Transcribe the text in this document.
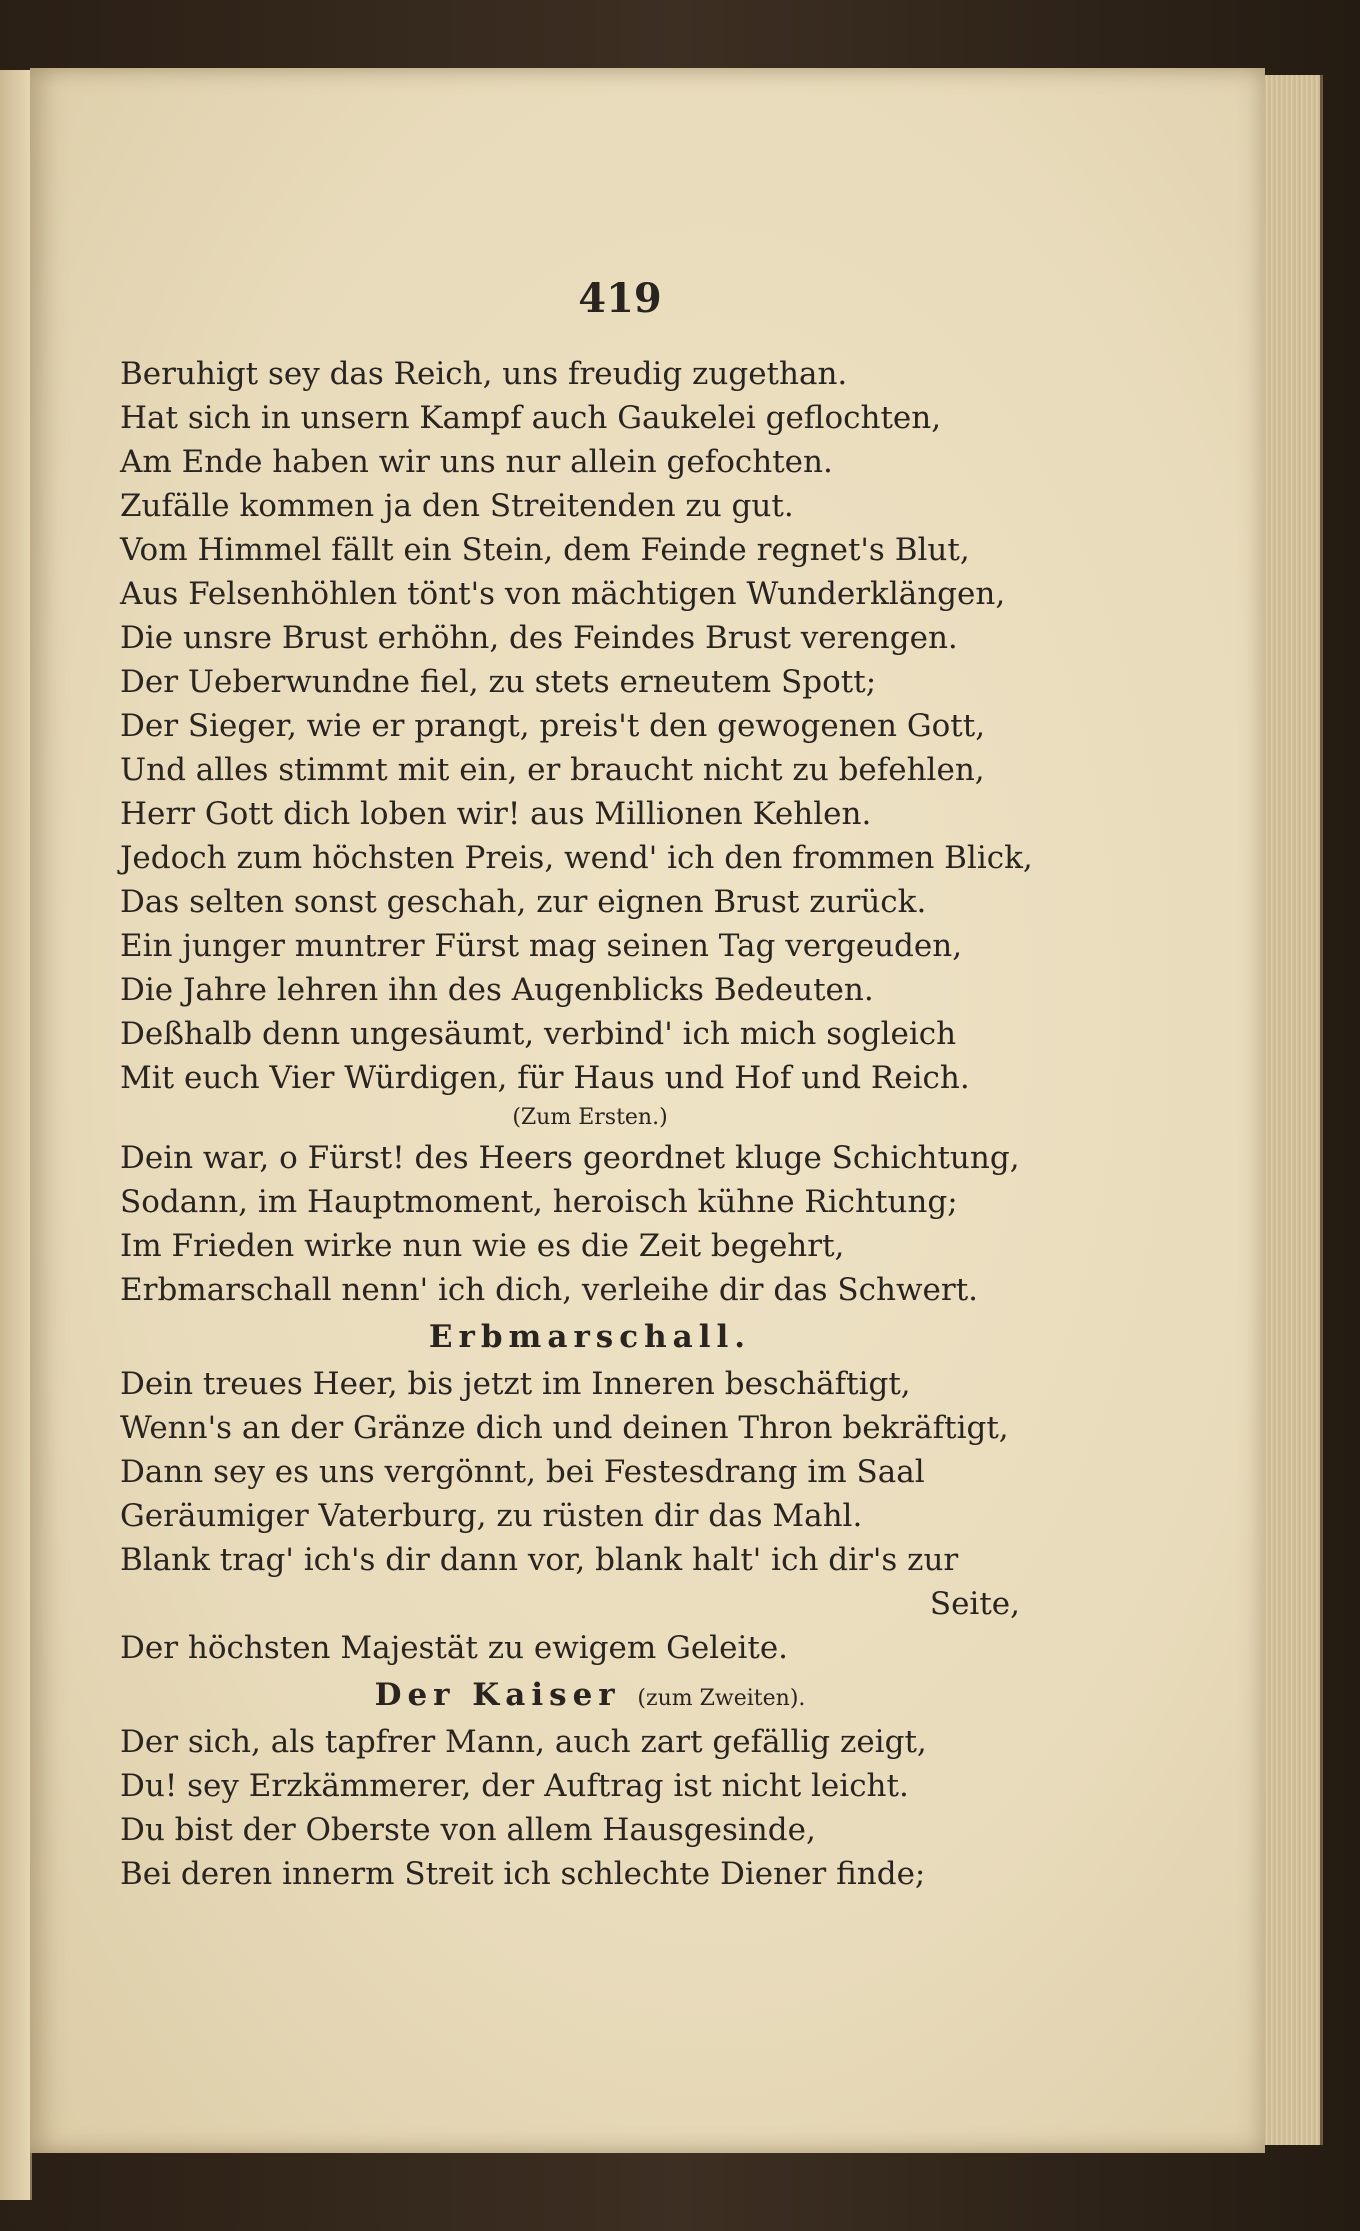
419
Beruhigt sey das Reich, uns freudig zugethan.
Hat sich in unsern Kampf auch Gaukelei geflochten,
Am Ende haben wir uns nur allein gefochten.
Zufälle kommen ja den Streitenden zu gut.
Vom Himmel fällt ein Stein, dem Feinde regnet's Blut,
Aus Felsenhöhlen tönt's von mächtigen Wunderklängen,
Die unsre Brust erhöhn, des Feindes Brust verengen.
Der Ueberwundne fiel, zu stets erneutem Spott;
Der Sieger, wie er prangt, preis't den gewogenen Gott,
Und alles stimmt mit ein, er braucht nicht zu befehlen,
Herr Gott dich loben wir! aus Millionen Kehlen.
Jedoch zum höchsten Preis, wend' ich den frommen Blick,
Das selten sonst geschah, zur eignen Brust zurück.
Ein junger muntrer Fürst mag seinen Tag vergeuden,
Die Jahre lehren ihn des Augenblicks Bedeuten.
Deßhalb denn ungesäumt, verbind' ich mich sogleich
Mit euch Vier Würdigen, für Haus und Hof und Reich.
(Zum Ersten.)
Dein war, o Fürst! des Heers geordnet kluge Schichtung,
Sodann, im Hauptmoment, heroisch kühne Richtung;
Im Frieden wirke nun wie es die Zeit begehrt,
Erbmarschall nenn' ich dich, verleihe dir das Schwert.
Erbmarschall.
Dein treues Heer, bis jetzt im Inneren beschäftigt,
Wenn's an der Gränze dich und deinen Thron bekräftigt,
Dann sey es uns vergönnt, bei Festesdrang im Saal
Geräumiger Vaterburg, zu rüsten dir das Mahl.
Blank trag' ich's dir dann vor, blank halt' ich dir's zur
Seite,
Der höchsten Majestät zu ewigem Geleite.
Der Kaiser (zum Zweiten).
Der sich, als tapfrer Mann, auch zart gefällig zeigt,
Du! sey Erzkämmerer, der Auftrag ist nicht leicht.
Du bist der Oberste von allem Hausgesinde,
Bei deren innerm Streit ich schlechte Diener finde;
